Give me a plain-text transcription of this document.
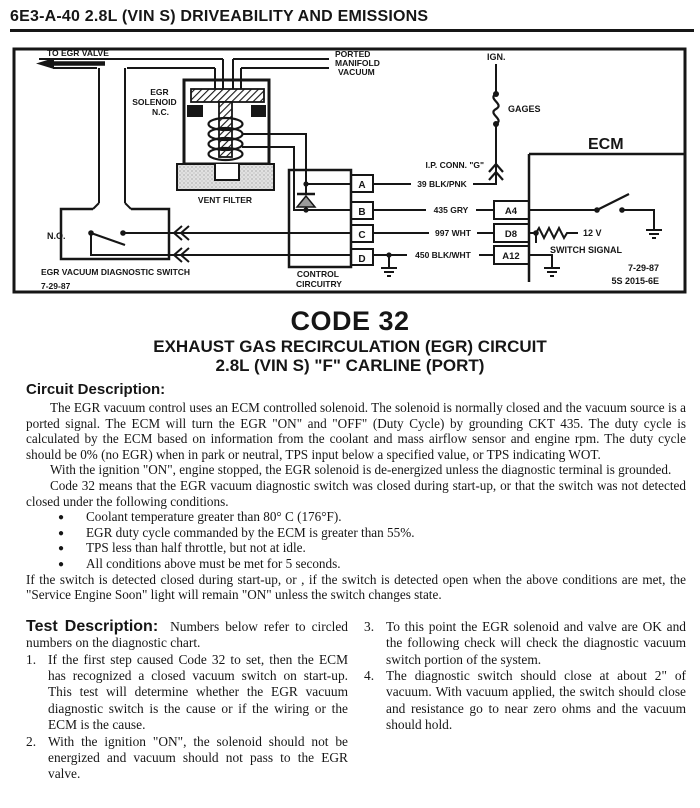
6E3-A-40 2.8L (VIN S) DRIVEABILITY AND EMISSIONS
TO EGR VALVE	PORTED MANIFOLD VACUUM
EGR SOLENOID N.C.
VENT FILTER
A
B
C
D
CONTROL CIRCUITRY
N.O.
EGR VACUUM DIAGNOSTIC SWITCH
7-29-87
39 BLK/PNK
435 GRY
997 WHT
450 BLK/WHT
IGN.
GAGES
I.P. CONN. "G"
A4
D8
A12
ECM
12 V
SWITCH SIGNAL
7-29-87
5S 2015-6E
CODE 32
EXHAUST GAS RECIRCULATION (EGR) CIRCUIT
2.8L (VIN S) "F" CARLINE (PORT)
Circuit Description:

The EGR vacuum control uses an ECM controlled solenoid. The solenoid is normally closed and the vacuum source is a ported signal. The ECM will turn the EGR "ON" and "OFF" (Duty Cycle) by grounding CKT 435. The duty cycle is calculated by the ECM based on information from the coolant and mass airflow sensor and engine rpm. The duty cycle should be 0% (no EGR) when in park or neutral, TPS input below a specified value, or TPS indicating WOT.

With the ignition "ON", engine stopped, the EGR solenoid is de-energized unless the diagnostic terminal is grounded.

Code 32 means that the EGR vacuum diagnostic switch was closed during start-up, or that the switch was not detected closed under the following conditions.

● Coolant temperature greater than 80° C (176°F).
● EGR duty cycle commanded by the ECM is greater than 55%.
● TPS less than half throttle, but not at idle.
● All conditions above must be met for 5 seconds.

If the switch is detected closed during start-up, or , if the switch is detected open when the above conditions are met, the "Service Engine Soon" light will remain "ON" unless the switch changes state.

Test Description: Numbers below refer to circled numbers on the diagnostic chart.

1. If the first step caused Code 32 to set, then the ECM has recognized a closed vacuum switch on start-up. This test will determine whether the EGR vacuum diagnostic switch is the cause or if the wiring or the ECM is the cause.
2. With the ignition "ON", the solenoid should not be energized and vacuum should not pass to the EGR valve.
3. To this point the EGR solenoid and valve are OK and the following check will check the diagnostic vacuum switch portion of the system.
4. The diagnostic switch should close at about 2" of vacuum. With vacuum applied, the switch should close and resistance go to near zero ohms and the vacuum should hold.
